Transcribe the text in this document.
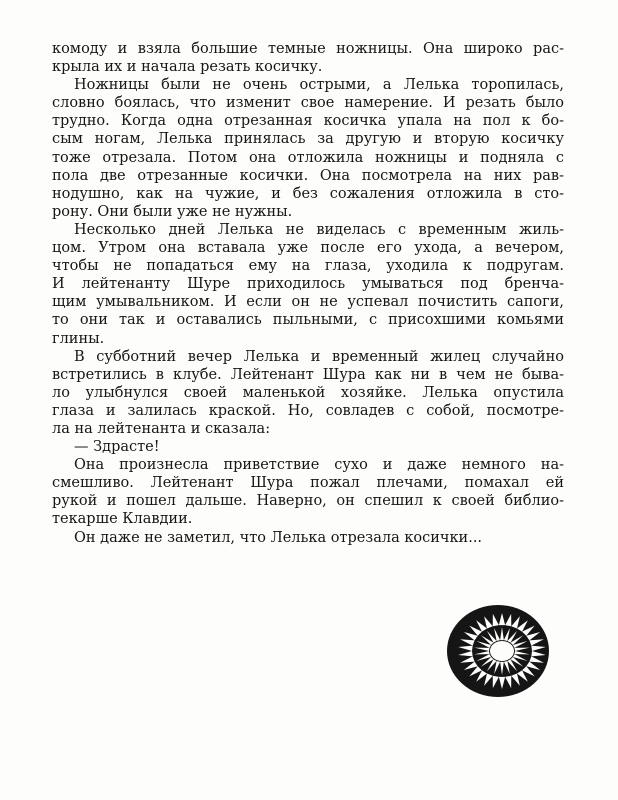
комоду и взяла большие темные ножницы. Она широко рас-
крыла их и начала резать косичку.

Ножницы были не очень острыми, а Лелька торопилась,
словно боялась, что изменит свое намерение. И резать было
трудно. Когда одна отрезанная косичка упала на пол к бо-
сым ногам, Лелька принялась за другую и вторую косичку
тоже отрезала. Потом она отложила ножницы и подняла с
пола две отрезанные косички. Она посмотрела на них рав-
нодушно, как на чужие, и без сожаления отложила в сто-
рону. Они были уже не нужны.

Несколько дней Лелька не виделась с временным жиль-
цом. Утром она вставала уже после его ухода, а вечером,
чтобы не попадаться ему на глаза, уходила к подругам.
И лейтенанту Шуре приходилось умываться под бренча-
щим умывальником. И если он не успевал почистить сапоги,
то они так и оставались пыльными, с присохшими комьями
глины.

В субботний вечер Лелька и временный жилец случайно
встретились в клубе. Лейтенант Шура как ни в чем не быва-
ло улыбнулся своей маленькой хозяйке. Лелька опустила
глаза и залилась краской. Но, совладев с собой, посмотре-
ла на лейтенанта и сказала:

— Здрасте!

Она произнесла приветствие сухо и даже немного на-
смешливо. Лейтенант Шура пожал плечами, помахал ей
рукой и пошел дальше. Наверно, он спешил к своей библио-
текарше Клавдии.

Он даже не заметил, что Лелька отрезала косички...
